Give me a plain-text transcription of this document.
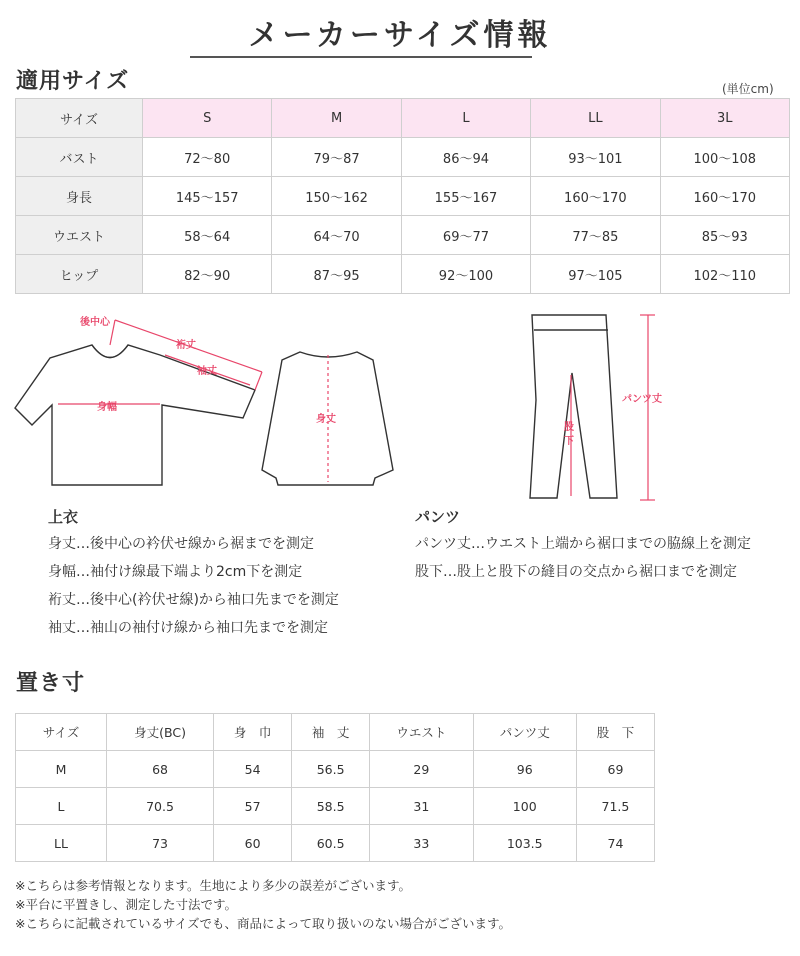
メーカーサイズ情報
適用サイズ	(単位cm)
サイズ	S	M	L	LL	3L
バスト	72～80	79～87	86～94	93～101	100～108
身長	145～157	150～162	155～167	160～170	160～170
ウエスト	58～64	64～70	69～77	77～85	85～93
ヒップ	82～90	87～95	92～100	97～105	102～110
後中心
裄丈
袖丈
身幅
身丈
パンツ丈
股
下
上衣
身丈…後中心の衿伏せ線から裾までを測定
身幅…袖付け線最下端より2cm下を測定
裄丈…後中心(衿伏せ線)から袖口先までを測定
袖丈…袖山の袖付け線から袖口先までを測定
パンツ
パンツ丈…ウエスト上端から裾口までの脇線上を測定
股下…股上と股下の縫目の交点から裾口までを測定
置き寸
サイズ	身丈(BC)	身　巾	袖　丈	ウエスト	パンツ丈	股　下
M	68	54	56.5	29	96	69
L	70.5	57	58.5	31	100	71.5
LL	73	60	60.5	33	103.5	74
※こちらは参考情報となります。生地により多少の誤差がございます。
※平台に平置きし、測定した寸法です。
※こちらに記載されているサイズでも、商品によって取り扱いのない場合がございます。
